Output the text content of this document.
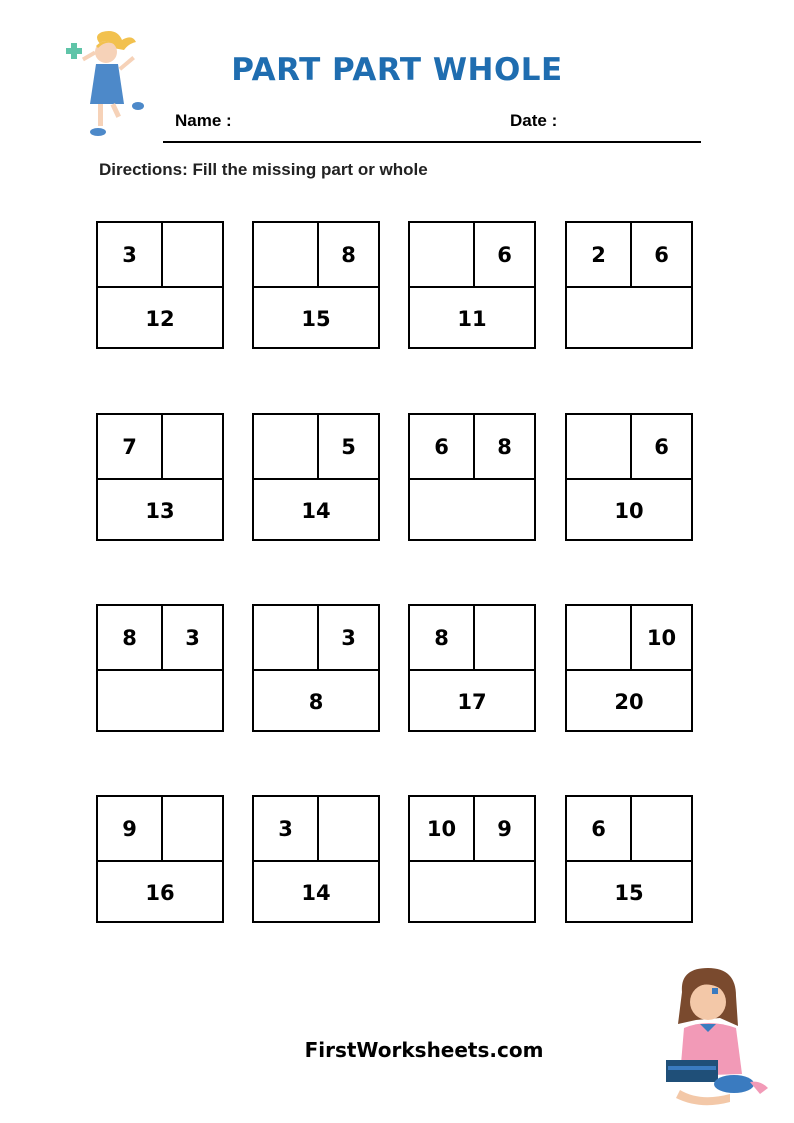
PART PART WHOLE
Name :	Date :
Directions: Fill the missing part or whole
3
12
8
15
6
11
2	6
7
13
5
14
6	8	6
10
8	3	3
8
8
17
10
20
9
16
3
14
10	9	6
15
FirstWorksheets.com
